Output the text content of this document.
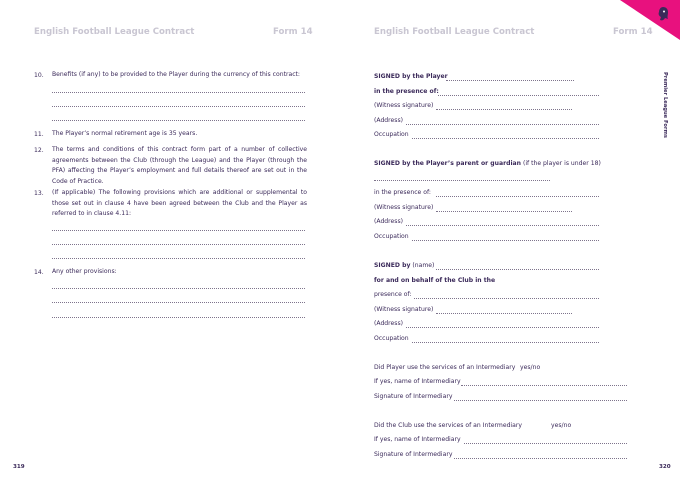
English Football League Contract	Form 14
10. Benefits (if any) to be provided to the Player during the currency of this contract:
11. The Player’s normal retirement age is 35 years.
12. The terms and conditions of this contract form part of a number of collective agreements between the Club (through the League) and the Player (through the PFA) affecting the Player’s employment and full details thereof are set out in the Code of Practice.
13. (If applicable) The following provisions which are additional or supplemental to those set out in clause 4 have been agreed between the Club and the Player as referred to in clause 4.11:
14. Any other provisions:
319
English Football League Contract	Form 14
Premier League Forms
SIGNED by the Player
in the presence of:
(Witness signature)
(Address)
Occupation
SIGNED by the Player’s parent or guardian (if the player is under 18)
in the presence of:
(Witness signature)
(Address)
Occupation
SIGNED by (name)
for and on behalf of the Club in the
presence of:
(Witness signature)
(Address)
Occupation
Did Player use the services of an Intermediary yes/no
If yes, name of Intermediary
Signature of Intermediary
Did the Club use the services of an Intermediary	yes/no
If yes, name of Intermediary
Signature of Intermediary
320
